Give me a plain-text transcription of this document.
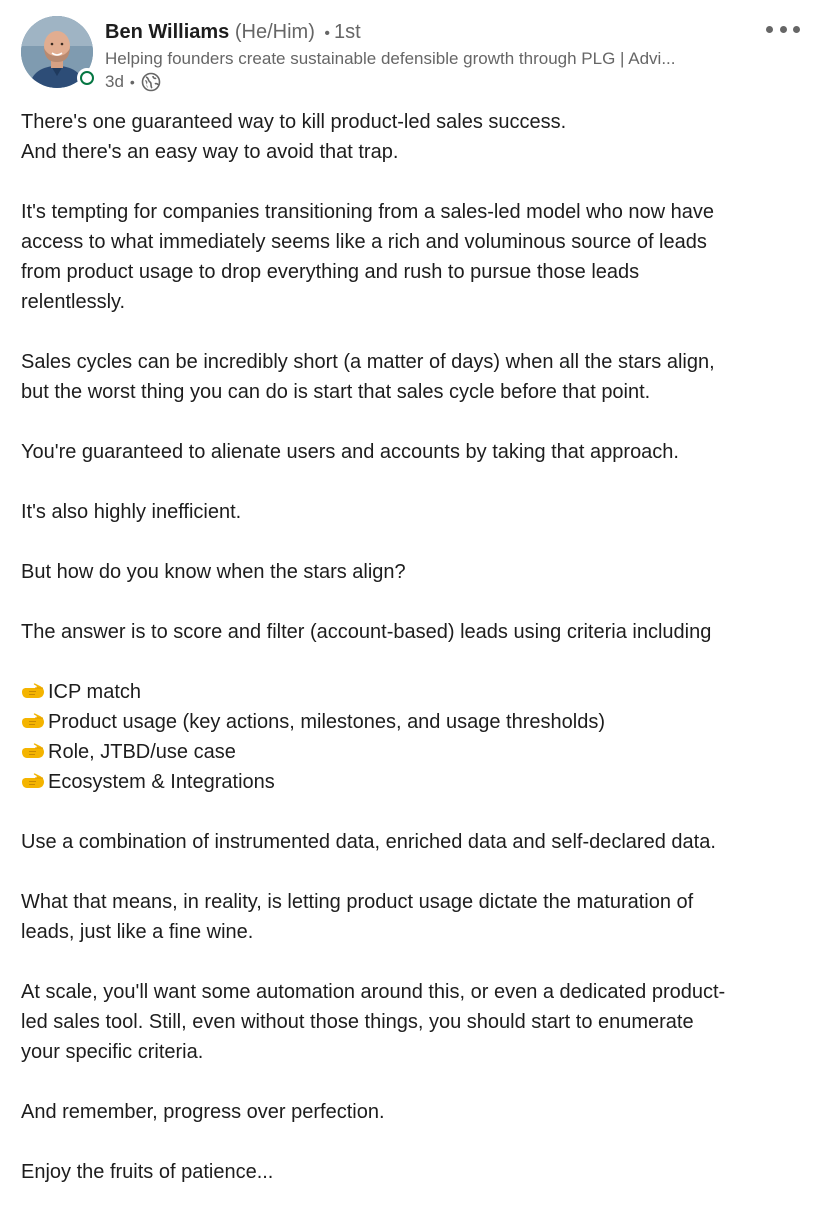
Ben Williams (He/Him) • 1st
Helping founders create sustainable defensible growth through PLG | Advi...
3d •

There's one guaranteed way to kill product-led sales success.
And there's an easy way to avoid that trap.

It's tempting for companies transitioning from a sales-led model who now have
access to what immediately seems like a rich and voluminous source of leads
from product usage to drop everything and rush to pursue those leads
relentlessly.

Sales cycles can be incredibly short (a matter of days) when all the stars align,
but the worst thing you can do is start that sales cycle before that point.

You're guaranteed to alienate users and accounts by taking that approach.

It's also highly inefficient.

But how do you know when the stars align?

The answer is to score and filter (account-based) leads using criteria including

ICP match
Product usage (key actions, milestones, and usage thresholds)
Role, JTBD/use case
Ecosystem & Integrations

Use a combination of instrumented data, enriched data and self-declared data.

What that means, in reality, is letting product usage dictate the maturation of
leads, just like a fine wine.

At scale, you'll want some automation around this, or even a dedicated product-
led sales tool. Still, even without those things, you should start to enumerate
your specific criteria.

And remember, progress over perfection.

Enjoy the fruits of patience...
